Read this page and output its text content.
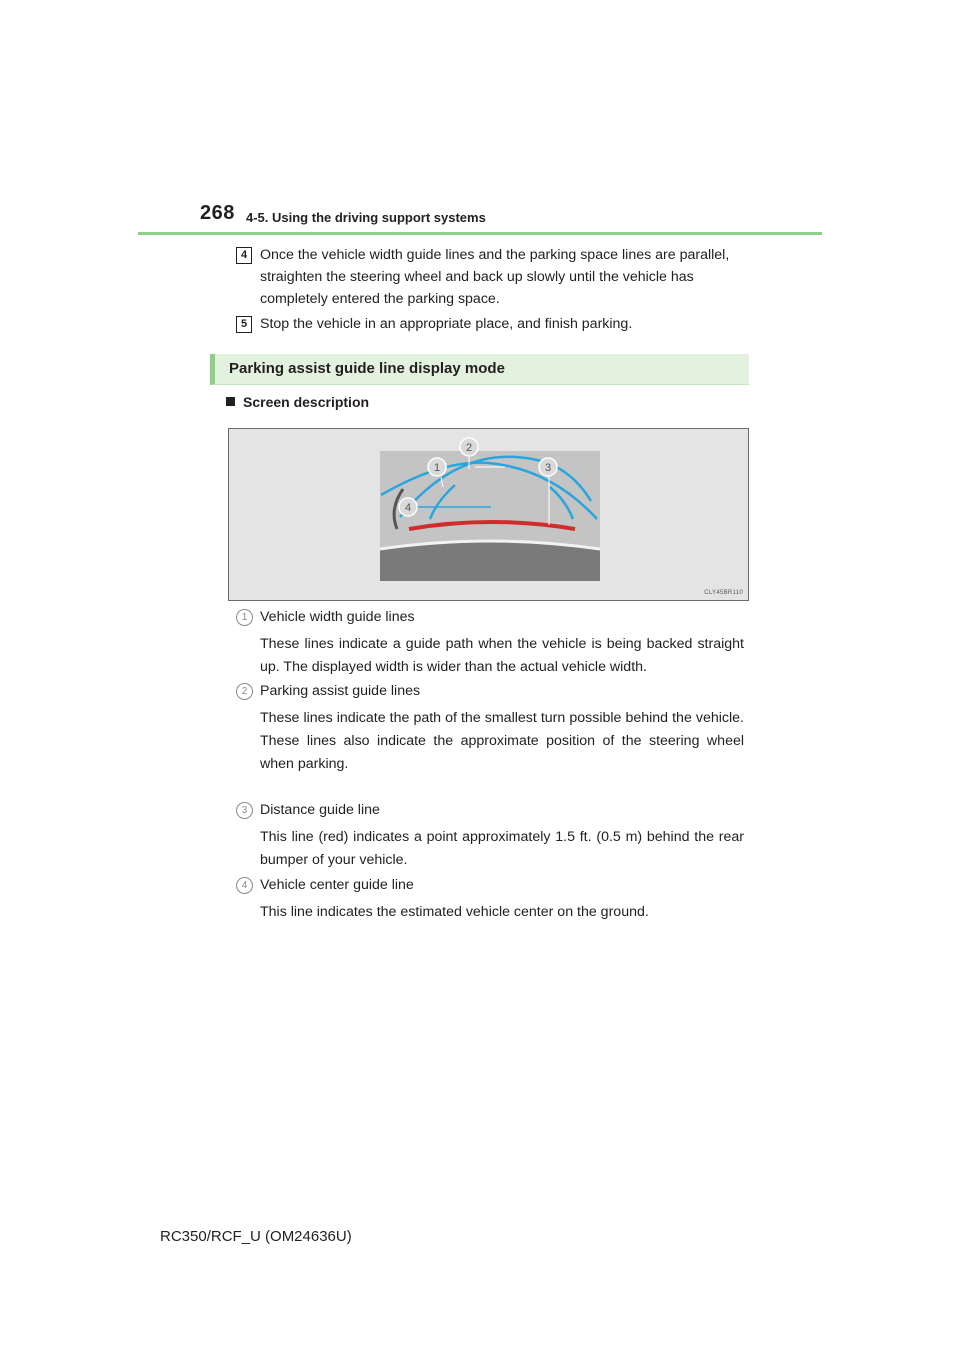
268 4-5. Using the driving support systems
4 Once the vehicle width guide lines and the parking space lines are parallel, straighten the steering wheel and back up slowly until the vehicle has completely entered the parking space.
5 Stop the vehicle in an appropriate place, and finish parking.
Parking assist guide line display mode
Screen description
1
2
3
4
CLY45BR110
1 Vehicle width guide lines
These lines indicate a guide path when the vehicle is being backed straight up. The displayed width is wider than the actual vehicle width.
2 Parking assist guide lines
These lines indicate the path of the smallest turn possible behind the vehicle. These lines also indicate the approximate position of the steering wheel when parking.
3 Distance guide line
This line (red) indicates a point approximately 1.5 ft. (0.5 m) behind the rear bumper of your vehicle.
4 Vehicle center guide line
This line indicates the estimated vehicle center on the ground.
RC350/RCF_U (OM24636U)
